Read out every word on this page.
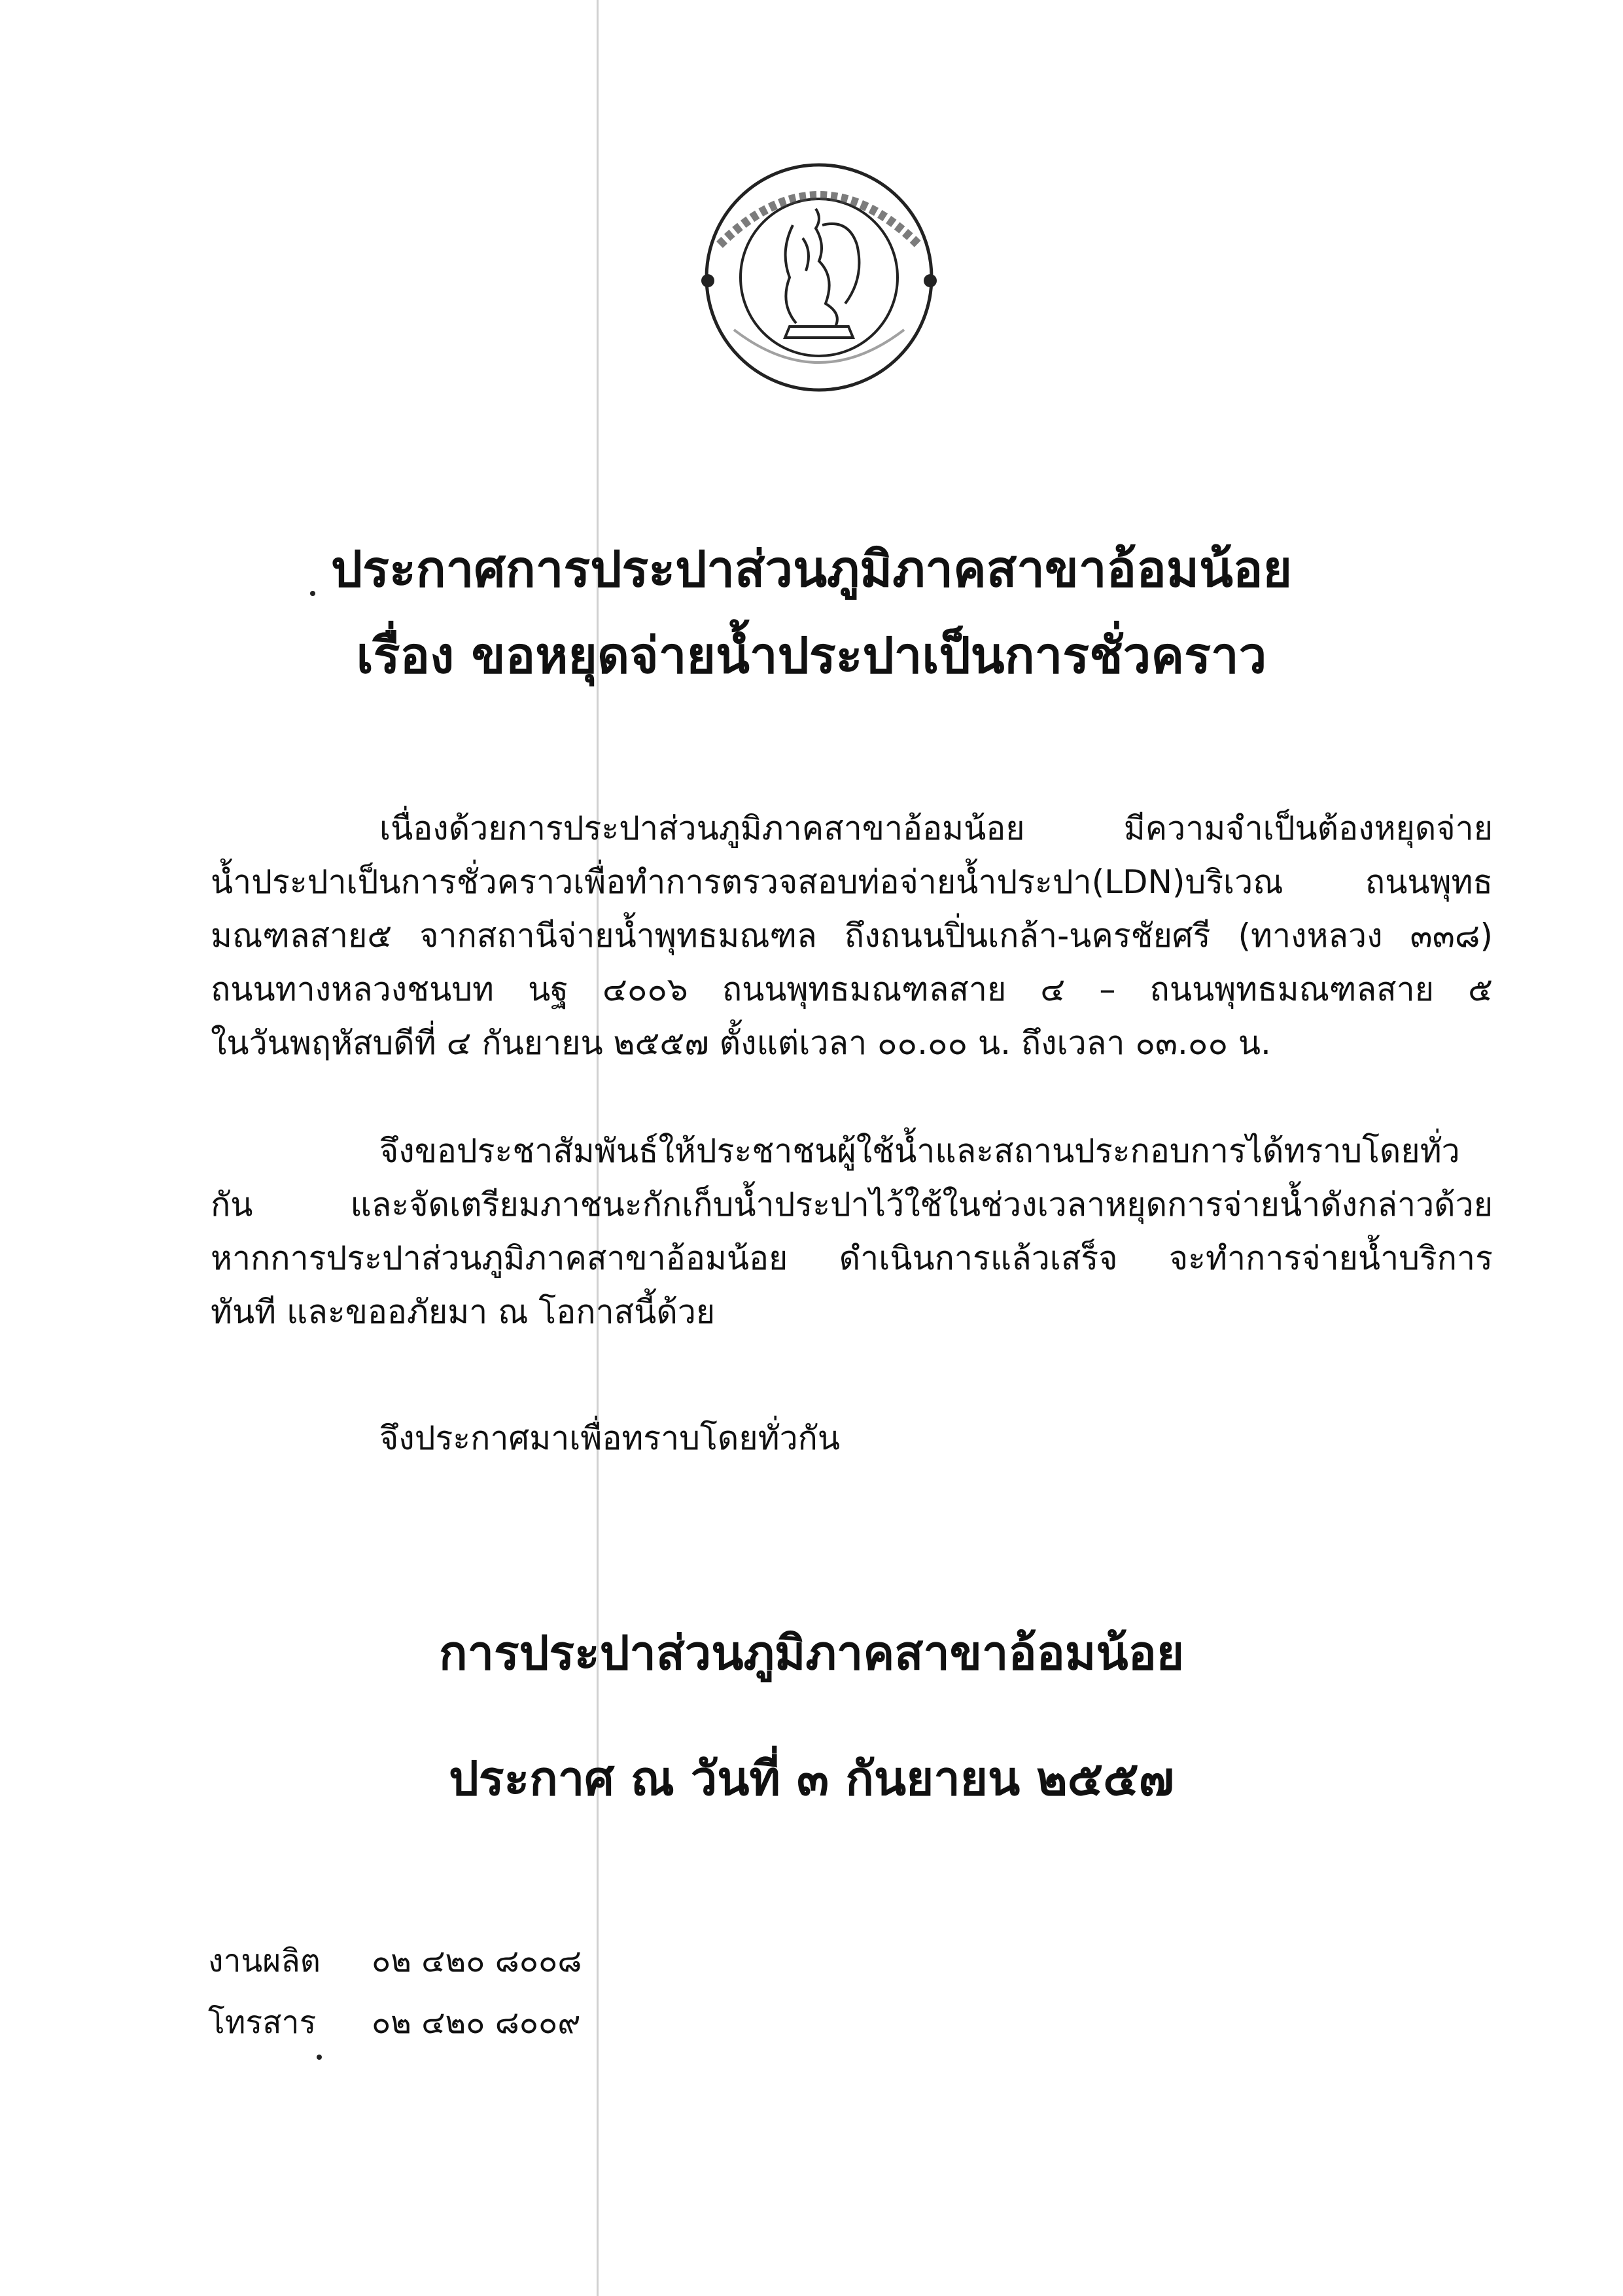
ประกาศการประปาส่วนภูมิภาคสาขาอ้อมน้อย
เรื่อง ขอหยุดจ่ายน้ำประปาเป็นการชั่วคราว
เนื่องด้วยการประปาส่วนภูมิภาคสาขาอ้อมน้อย มีความจำเป็นต้องหยุดจ่าย
น้ำประปาเป็นการชั่วคราวเพื่อทำการตรวจสอบท่อจ่ายน้ำประปา(LDN)บริเวณ ถนนพุทธ
มณฑลสาย๕ จากสถานีจ่ายน้ำพุทธมณฑล ถึงถนนปิ่นเกล้า-นครชัยศรี (ทางหลวง ๓๓๘)
ถนนทางหลวงชนบท นฐ ๔๐๐๖ ถนนพุทธมณฑลสาย ๔ – ถนนพุทธมณฑลสาย ๕
ในวันพฤหัสบดีที่ ๔ กันยายน ๒๕๕๗ ตั้งแต่เวลา ๐๐.๐๐ น. ถึงเวลา ๐๓.๐๐ น.
จึงขอประชาสัมพันธ์ให้ประชาชนผู้ใช้น้ำและสถานประกอบการได้ทราบโดยทั่ว
กัน และจัดเตรียมภาชนะกักเก็บน้ำประปาไว้ใช้ในช่วงเวลาหยุดการจ่ายน้ำดังกล่าวด้วย
หากการประปาส่วนภูมิภาคสาขาอ้อมน้อย ดำเนินการแล้วเสร็จ จะทำการจ่ายน้ำบริการ
ทันที และขออภัยมา ณ โอกาสนี้ด้วย
จึงประกาศมาเพื่อทราบโดยทั่วกัน
การประปาส่วนภูมิภาคสาขาอ้อมน้อย
ประกาศ ณ วันที่ ๓ กันยายน ๒๕๕๗
งานผลิต ๐๒ ๔๒๐ ๘๐๐๘
โทรสาร ๐๒ ๔๒๐ ๘๐๐๙
